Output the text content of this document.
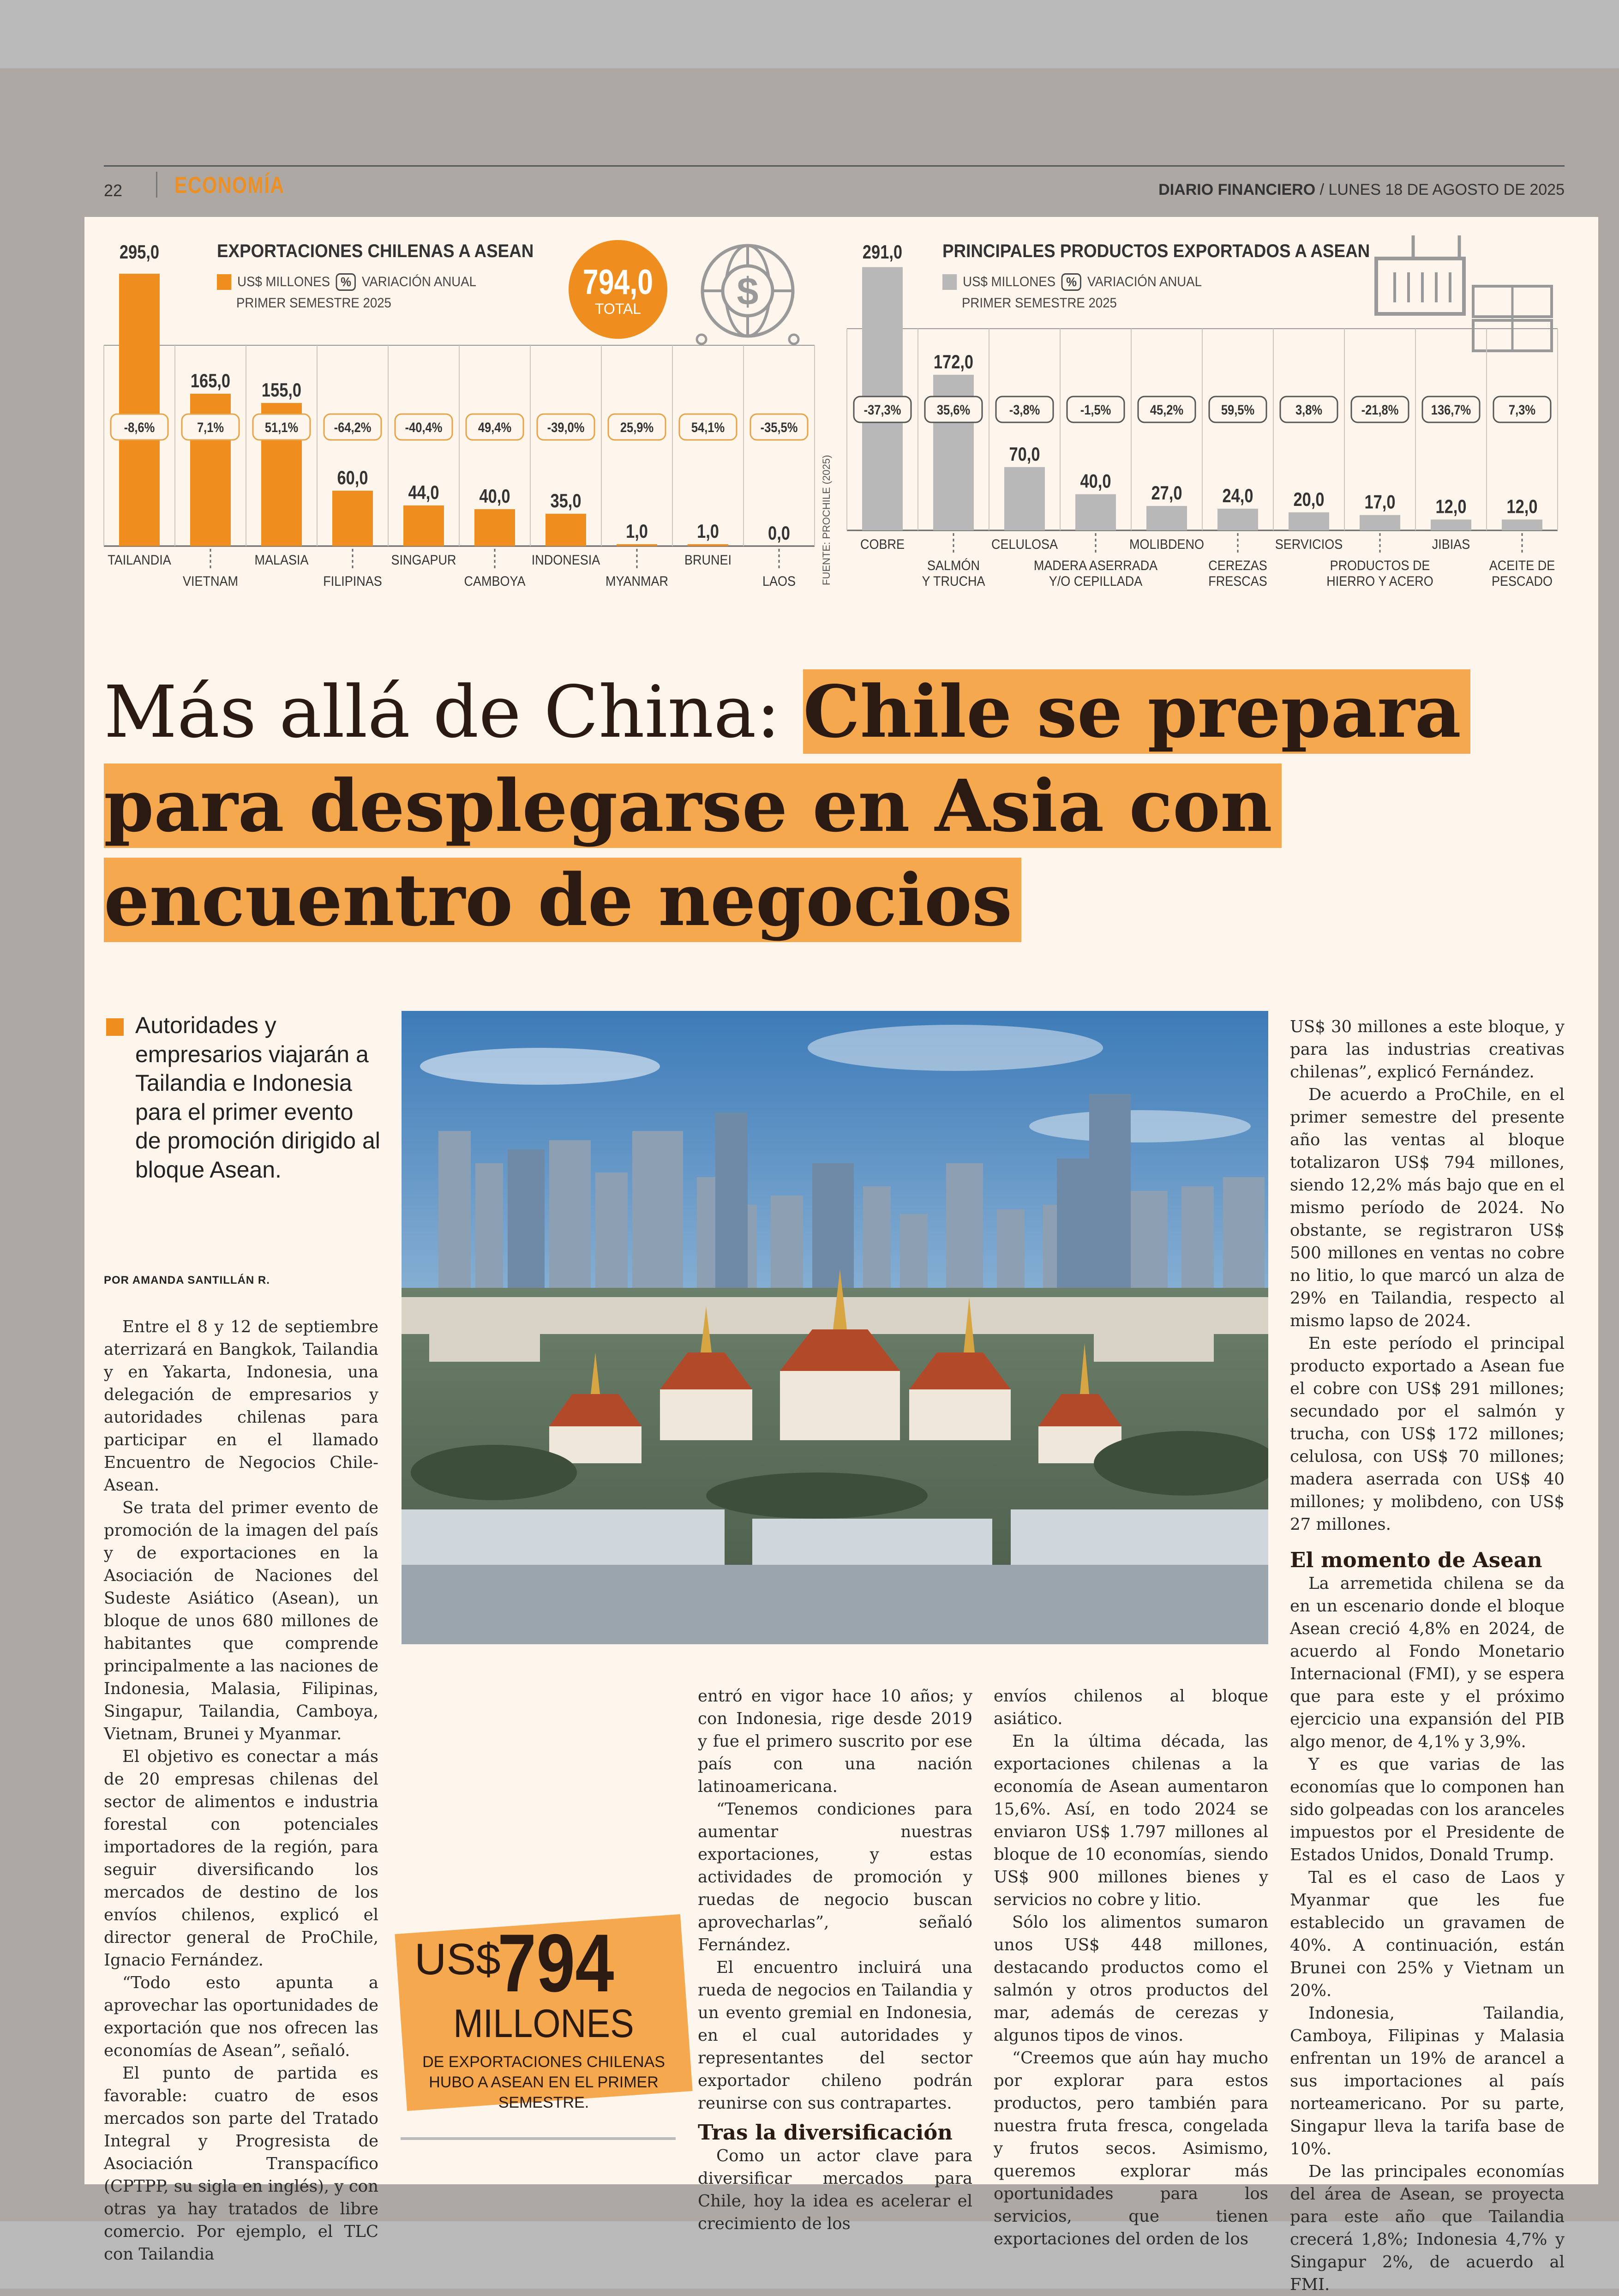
22 ECONOMÍA	DIARIO FINANCIERO / LUNES 18 DE AGOSTO DE 2025
EXPORTACIONES CHILENAS A ASEAN
US$ MILLONES % VARIACIÓN ANUAL
PRIMER SEMESTRE 2025
794,0
TOTAL	$
295,0
-8,6%
TAILANDIA
165,0
7,1%
VIETNAM
155,0
51,1%
MALASIA
60,0
-64,2%
FILIPINAS
44,0
-40,4%
SINGAPUR
40,0
49,4%
CAMBOYA
35,0
-39,0%
INDONESIA
1,0
25,9%
MYANMAR
1,0
54,1%
BRUNEI
0,0
-35,5%
LAOS FUENTE: PROCHILE (2025)
PRINCIPALES PRODUCTOS EXPORTADOS A ASEAN
US$ MILLONES % VARIACIÓN ANUAL
PRIMER SEMESTRE 2025
291,0
-37,3%
COBRE
172,0
35,6%
SALMÓN
Y TRUCHA
70,0
-3,8%
CELULOSA
40,0
-1,5%
MADERA ASERRADA
Y/O CEPILLADA
27,0
45,2%
MOLIBDENO
24,0
59,5%
CEREZAS
FRESCAS
20,0
3,8%
SERVICIOS
17,0
-21,8%
PRODUCTOS DE
HIERRO Y ACERO
12,0
136,7%
JIBIAS
12,0
7,3%
ACEITE DE
PESCADO
Más allá de China: Chile se prepara para desplegarse en Asia con encuentro de negocios
Autoridades y empresarios viajarán a Tailandia e Indonesia para el primer evento de promoción dirigido al bloque Asean.
POR AMANDA SANTILLÁN R.

Entre el 8 y 12 de septiembre aterrizará en Bangkok, Tailandia y en Yakarta, Indonesia, una delegación de empresarios y autoridades chilenas para participar en el llamado Encuentro de Negocios Chile-Asean.

Se trata del primer evento de promoción de la imagen del país y de exportaciones en la Asociación de Naciones del Sudeste Asiático (Asean), un bloque de unos 680 millones de habitantes que comprende principalmente a las naciones de Indonesia, Malasia, Filipinas, Singapur, Tailandia, Camboya, Vietnam, Brunei y Myanmar.

El objetivo es conectar a más de 20 empresas chilenas del sector de alimentos e industria forestal con potenciales importadores de la región, para seguir diversificando los mercados de destino de los envíos chilenos, explicó el director general de ProChile, Ignacio Fernández.

“Todo esto apunta a aprovechar las oportunidades de exportación que nos ofrecen las economías de Asean”, señaló.

El punto de partida es favorable: cuatro de esos mercados son parte del Tratado Integral y Progresista de Asociación Transpacífico (CPTPP, su sigla en inglés), y con otras ya hay tratados de libre comercio. Por ejemplo, el TLC con Tailandia

US$
794
MILLONES
DE EXPORTACIONES CHILENAS HUBO A ASEAN EN EL PRIMER SEMESTRE.

entró en vigor hace 10 años; y con Indonesia, rige desde 2019 y fue el primero suscrito por ese país con una nación latinoamericana.

“Tenemos condiciones para aumentar nuestras exportaciones, y estas actividades de promoción y ruedas de negocio buscan aprovecharlas”, señaló Fernández.

El encuentro incluirá una rueda de negocios en Tailandia y un evento gremial en Indonesia, en el cual autoridades y representantes del sector exportador chileno podrán reunirse con sus contrapartes.

Tras la diversificación

Como un actor clave para diversificar mercados para Chile, hoy la idea es acelerar el crecimiento de los

envíos chilenos al bloque asiático.

En la última década, las exportaciones chilenas a la economía de Asean aumentaron 15,6%. Así, en todo 2024 se enviaron US$ 1.797 millones al bloque de 10 economías, siendo US$ 900 millones bienes y servicios no cobre y litio.

Sólo los alimentos sumaron unos US$ 448 millones, destacando productos como el salmón y otros productos del mar, además de cerezas y algunos tipos de vinos.

“Creemos que aún hay mucho por explorar para estos productos, pero también para nuestra fruta fresca, congelada y frutos secos. Asimismo, queremos explorar más oportunidades para los servicios, que tienen exportaciones del orden de los

US$ 30 millones a este bloque, y para las industrias creativas chilenas”, explicó Fernández.

De acuerdo a ProChile, en el primer semestre del presente año las ventas al bloque totalizaron US$ 794 millones, siendo 12,2% más bajo que en el mismo período de 2024. No obstante, se registraron US$ 500 millones en ventas no cobre no litio, lo que marcó un alza de 29% en Tailandia, respecto al mismo lapso de 2024.

En este período el principal producto exportado a Asean fue el cobre con US$ 291 millones; secundado por el salmón y trucha, con US$ 172 millones; celulosa, con US$ 70 millones; madera aserrada con US$ 40 millones; y molibdeno, con US$ 27 millones.

El momento de Asean

La arremetida chilena se da en un escenario donde el bloque Asean creció 4,8% en 2024, de acuerdo al Fondo Monetario Internacional (FMI), y se espera que para este y el próximo ejercicio una expansión del PIB algo menor, de 4,1% y 3,9%.

Y es que varias de las economías que lo componen han sido golpeadas con los aranceles impuestos por el Presidente de Estados Unidos, Donald Trump.

Tal es el caso de Laos y Myanmar que les fue establecido un gravamen de 40%. A continuación, están Brunei con 25% y Vietnam un 20%.

Indonesia, Tailandia, Camboya, Filipinas y Malasia enfrentan un 19% de arancel a sus importaciones al país norteamericano. Por su parte, Singapur lleva la tarifa base de 10%.

De las principales economías del área de Asean, se proyecta para este año que Tailandia crecerá 1,8%; Indonesia 4,7% y Singapur 2%, de acuerdo al FMI.
